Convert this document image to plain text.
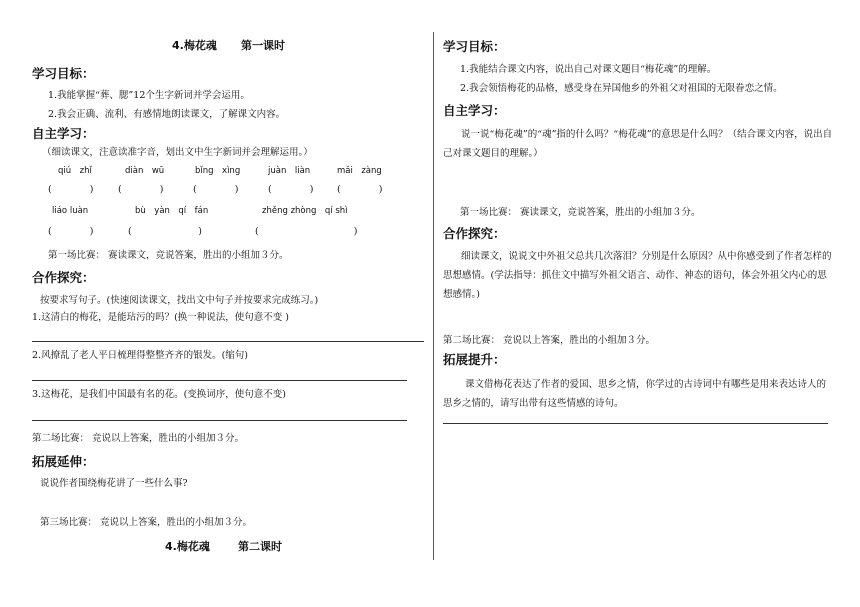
4.梅花魂 第一课时
学习目标：
1.我能掌握“葬、腮”12个生字新词并学会运用。
2.我会正确、流利、有感情地朗读课文，了解课文内容。
自主学习：
（细读课文，注意读准字音，划出文中生字新词并会理解运用。）
qiú　zhǐ	diàn　wū	bǐng　xìng	juàn　liàn	mǎi　zàng
(　　　　)	(　　　　)	(　　　　)	(　　　　) (　　　　)
liáo luàn	bù　yàn　qí　fán	zhěng zhòng　qí shì
(　　　　)	(　　　　　　　)	(　　　　　　　　　　)
第一场比赛： 赛读课文，竞说答案，胜出的小组加３分。
合作探究：
按要求写句子。(快速阅读课文，找出文中句子并按要求完成练习。)
1.这清白的梅花，是能玷污的吗？(换一种说法，使句意不变 )
2.风撩乱了老人平日梳理得整整齐齐的银发。(缩句)
3.这梅花，是我们中国最有名的花。(变换词序，使句意不变)
第二场比赛： 竞说以上答案，胜出的小组加３分。
拓展延伸：
说说作者围绕梅花讲了一些什么事?
第三场比赛： 竞说以上答案，胜出的小组加３分。
4.梅花魂	第二课时
学习目标：
1.我能结合课文内容，说出自己对课文题目“梅花魂”的理解。
2.我会领悟梅花的品格，感受身在异国他乡的外祖父对祖国的无限眷恋之情。
自主学习：
说一说“梅花魂”的“魂”指的什么吗？“梅花魂”的意思是什么吗？（结合课文内容，说出自己对课文题目的理解。）
第一场比赛： 赛读课文，竞说答案，胜出的小组加３分。
合作探究：
细读课文，说说文中外祖父总共几次落泪？分别是什么原因？从中你感受到了作者怎样的思想感情。(学法指导：抓住文中描写外祖父语言、动作、神态的语句，体会外祖父内心的思想感情。)
第二场比赛： 竞说以上答案，胜出的小组加３分。
拓展提升：
课文借梅花表达了作者的爱国、思乡之情，你学过的古诗词中有哪些是用来表达诗人的思乡之情的，请写出带有这些情感的诗句。
